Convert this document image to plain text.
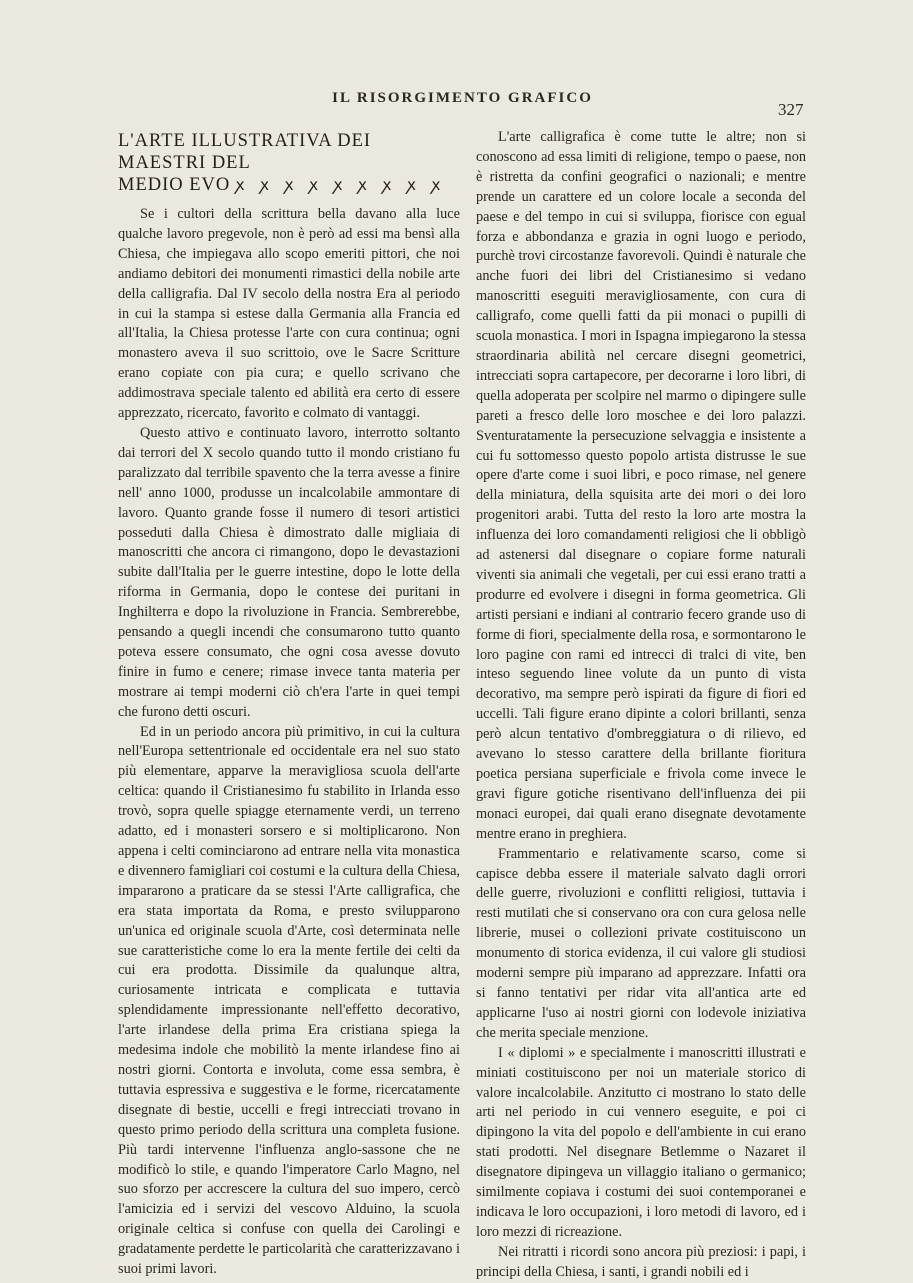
IL RISORGIMENTO GRAFICO
327
L'ARTE ILLUSTRATIVA DEI MAESTRI DEL
MEDIO EVO ꭗ ꭗ ꭗ ꭗ ꭗ ꭗ ꭗ ꭗ ꭗ

Se i cultori della scrittura bella davano alla luce qualche lavoro pregevole, non è però ad essi ma bensì alla Chiesa, che impiegava allo scopo emeriti pittori, che noi andiamo debitori dei monumenti rimastici della nobile arte della calligrafia. Dal IV secolo della nostra Era al periodo in cui la stampa si estese dalla Germania alla Francia ed all'Italia, la Chiesa protesse l'arte con cura continua; ogni monastero aveva il suo scrittoio, ove le Sacre Scritture erano copiate con pia cura; e quello scrivano che addimostrava speciale talento ed abilità era certo di essere apprezzato, ricercato, favorito e colmato di vantaggi.

Questo attivo e continuato lavoro, interrotto soltanto dai terrori del X secolo quando tutto il mondo cristiano fu paralizzato dal terribile spavento che la terra avesse a finire nell' anno 1000, produsse un incalcolabile ammontare di lavoro. Quanto grande fosse il numero di tesori artistici posseduti dalla Chiesa è dimostrato dalle migliaia di manoscritti che ancora ci rimangono, dopo le devastazioni subite dall'Italia per le guerre intestine, dopo le lotte della riforma in Germania, dopo le contese dei puritani in Inghilterra e dopo la rivoluzione in Francia. Sembrerebbe, pensando a quegli incendi che consumarono tutto quanto poteva essere consumato, che ogni cosa avesse dovuto finire in fumo e cenere; rimase invece tanta materia per mostrare ai tempi moderni ciò ch'era l'arte in quei tempi che furono detti oscuri.

Ed in un periodo ancora più primitivo, in cui la cultura nell'Europa settentrionale ed occidentale era nel suo stato più elementare, apparve la meravigliosa scuola dell'arte celtica: quando il Cristianesimo fu stabilito in Irlanda esso trovò, sopra quelle spiagge eternamente verdi, un terreno adatto, ed i monasteri sorsero e si moltiplicarono. Non appena i celti cominciarono ad entrare nella vita monastica e divennero famigliari coi costumi e la cultura della Chiesa, impararono a praticare da se stessi l'Arte calligrafica, che era stata importata da Roma, e presto svilupparono un'unica ed originale scuola d'Arte, così determinata nelle sue caratteristiche come lo era la mente fertile dei celti da cui era prodotta. Dissimile da qualunque altra, curiosamente intricata e complicata e tuttavia splendidamente impressionante nell'effetto decorativo, l'arte irlandese della prima Era cristiana spiega la medesima indole che mobilitò la mente irlandese fino ai nostri giorni. Contorta e involuta, come essa sembra, è tuttavia espressiva e suggestiva e le forme, ricercatamente disegnate di bestie, uccelli e fregi intrecciati trovano in questo primo periodo della scrittura una completa fusione. Più tardi intervenne l'influenza anglo-sassone che ne modificò lo stile, e quando l'imperatore Carlo Magno, nel suo sforzo per accrescere la cultura del suo impero, cercò l'amicizia ed i servizi del vescovo Alduino, la scuola originale celtica si confuse con quella dei Carolingi e gradatamente perdette le particolarità che caratterizzavano i suoi primi lavori.

L'arte calligrafica è come tutte le altre; non si conoscono ad essa limiti di religione, tempo o paese, non è ristretta da confini geografici o nazionali; e mentre prende un carattere ed un colore locale a seconda del paese e del tempo in cui si sviluppa, fiorisce con egual forza e abbondanza e grazia in ogni luogo e periodo, purchè trovi circostanze favorevoli. Quindi è naturale che anche fuori dei libri del Cristianesimo si vedano manoscritti eseguiti meravigliosamente, con cura di calligrafo, come quelli fatti da pii monaci o pupilli di scuola monastica. I mori in Ispagna impiegarono la stessa straordinaria abilità nel cercare disegni geometrici, intrecciati sopra cartapecore, per decorarne i loro libri, di quella adoperata per scolpire nel marmo o dipingere sulle pareti a fresco delle loro moschee e dei loro palazzi. Sventuratamente la persecuzione selvaggia e insistente a cui fu sottomesso questo popolo artista distrusse le sue opere d'arte come i suoi libri, e poco rimase, nel genere della miniatura, della squisita arte dei mori o dei loro progenitori arabi. Tutta del resto la loro arte mostra la influenza dei loro comandamenti religiosi che li obbligò ad astenersi dal disegnare o copiare forme naturali viventi sia animali che vegetali, per cui essi erano tratti a produrre ed evolvere i disegni in forma geometrica. Gli artisti persiani e indiani al contrario fecero grande uso di forme di fiori, specialmente della rosa, e sormontarono le loro pagine con rami ed intrecci di tralci di vite, ben inteso seguendo linee volute da un punto di vista decorativo, ma sempre però ispirati da figure di fiori ed uccelli. Tali figure erano dipinte a colori brillanti, senza però alcun tentativo d'ombreggiatura o di rilievo, ed avevano lo stesso carattere della brillante fioritura poetica persiana superficiale e frivola come invece le gravi figure gotiche risentivano dell'influenza dei pii monaci europei, dai quali erano disegnate devotamente mentre erano in preghiera.

Frammentario e relativamente scarso, come si capisce debba essere il materiale salvato dagli orrori delle guerre, rivoluzioni e conflitti religiosi, tuttavia i resti mutilati che si conservano ora con cura gelosa nelle librerie, musei o collezioni private costituiscono un monumento di storica evidenza, il cui valore gli studiosi moderni sempre più imparano ad apprezzare. Infatti ora si fanno tentativi per ridar vita all'antica arte ed applicarne l'uso ai nostri giorni con lodevole iniziativa che merita speciale menzione.

I « diplomi » e specialmente i manoscritti illustrati e miniati costituiscono per noi un materiale storico di valore incalcolabile. Anzitutto ci mostrano lo stato delle arti nel periodo in cui vennero eseguite, e poi ci dipingono la vita del popolo e dell'ambiente in cui erano stati prodotti. Nel disegnare Betlemme o Nazaret il disegnatore dipingeva un villaggio italiano o germanico; similmente copiava i costumi dei suoi contemporanei e indicava le loro occupazioni, i loro metodi di lavoro, ed i loro mezzi di ricreazione.

Nei ritratti i ricordi sono ancora più preziosi: i papi, i principi della Chiesa, i santi, i grandi nobili ed i
